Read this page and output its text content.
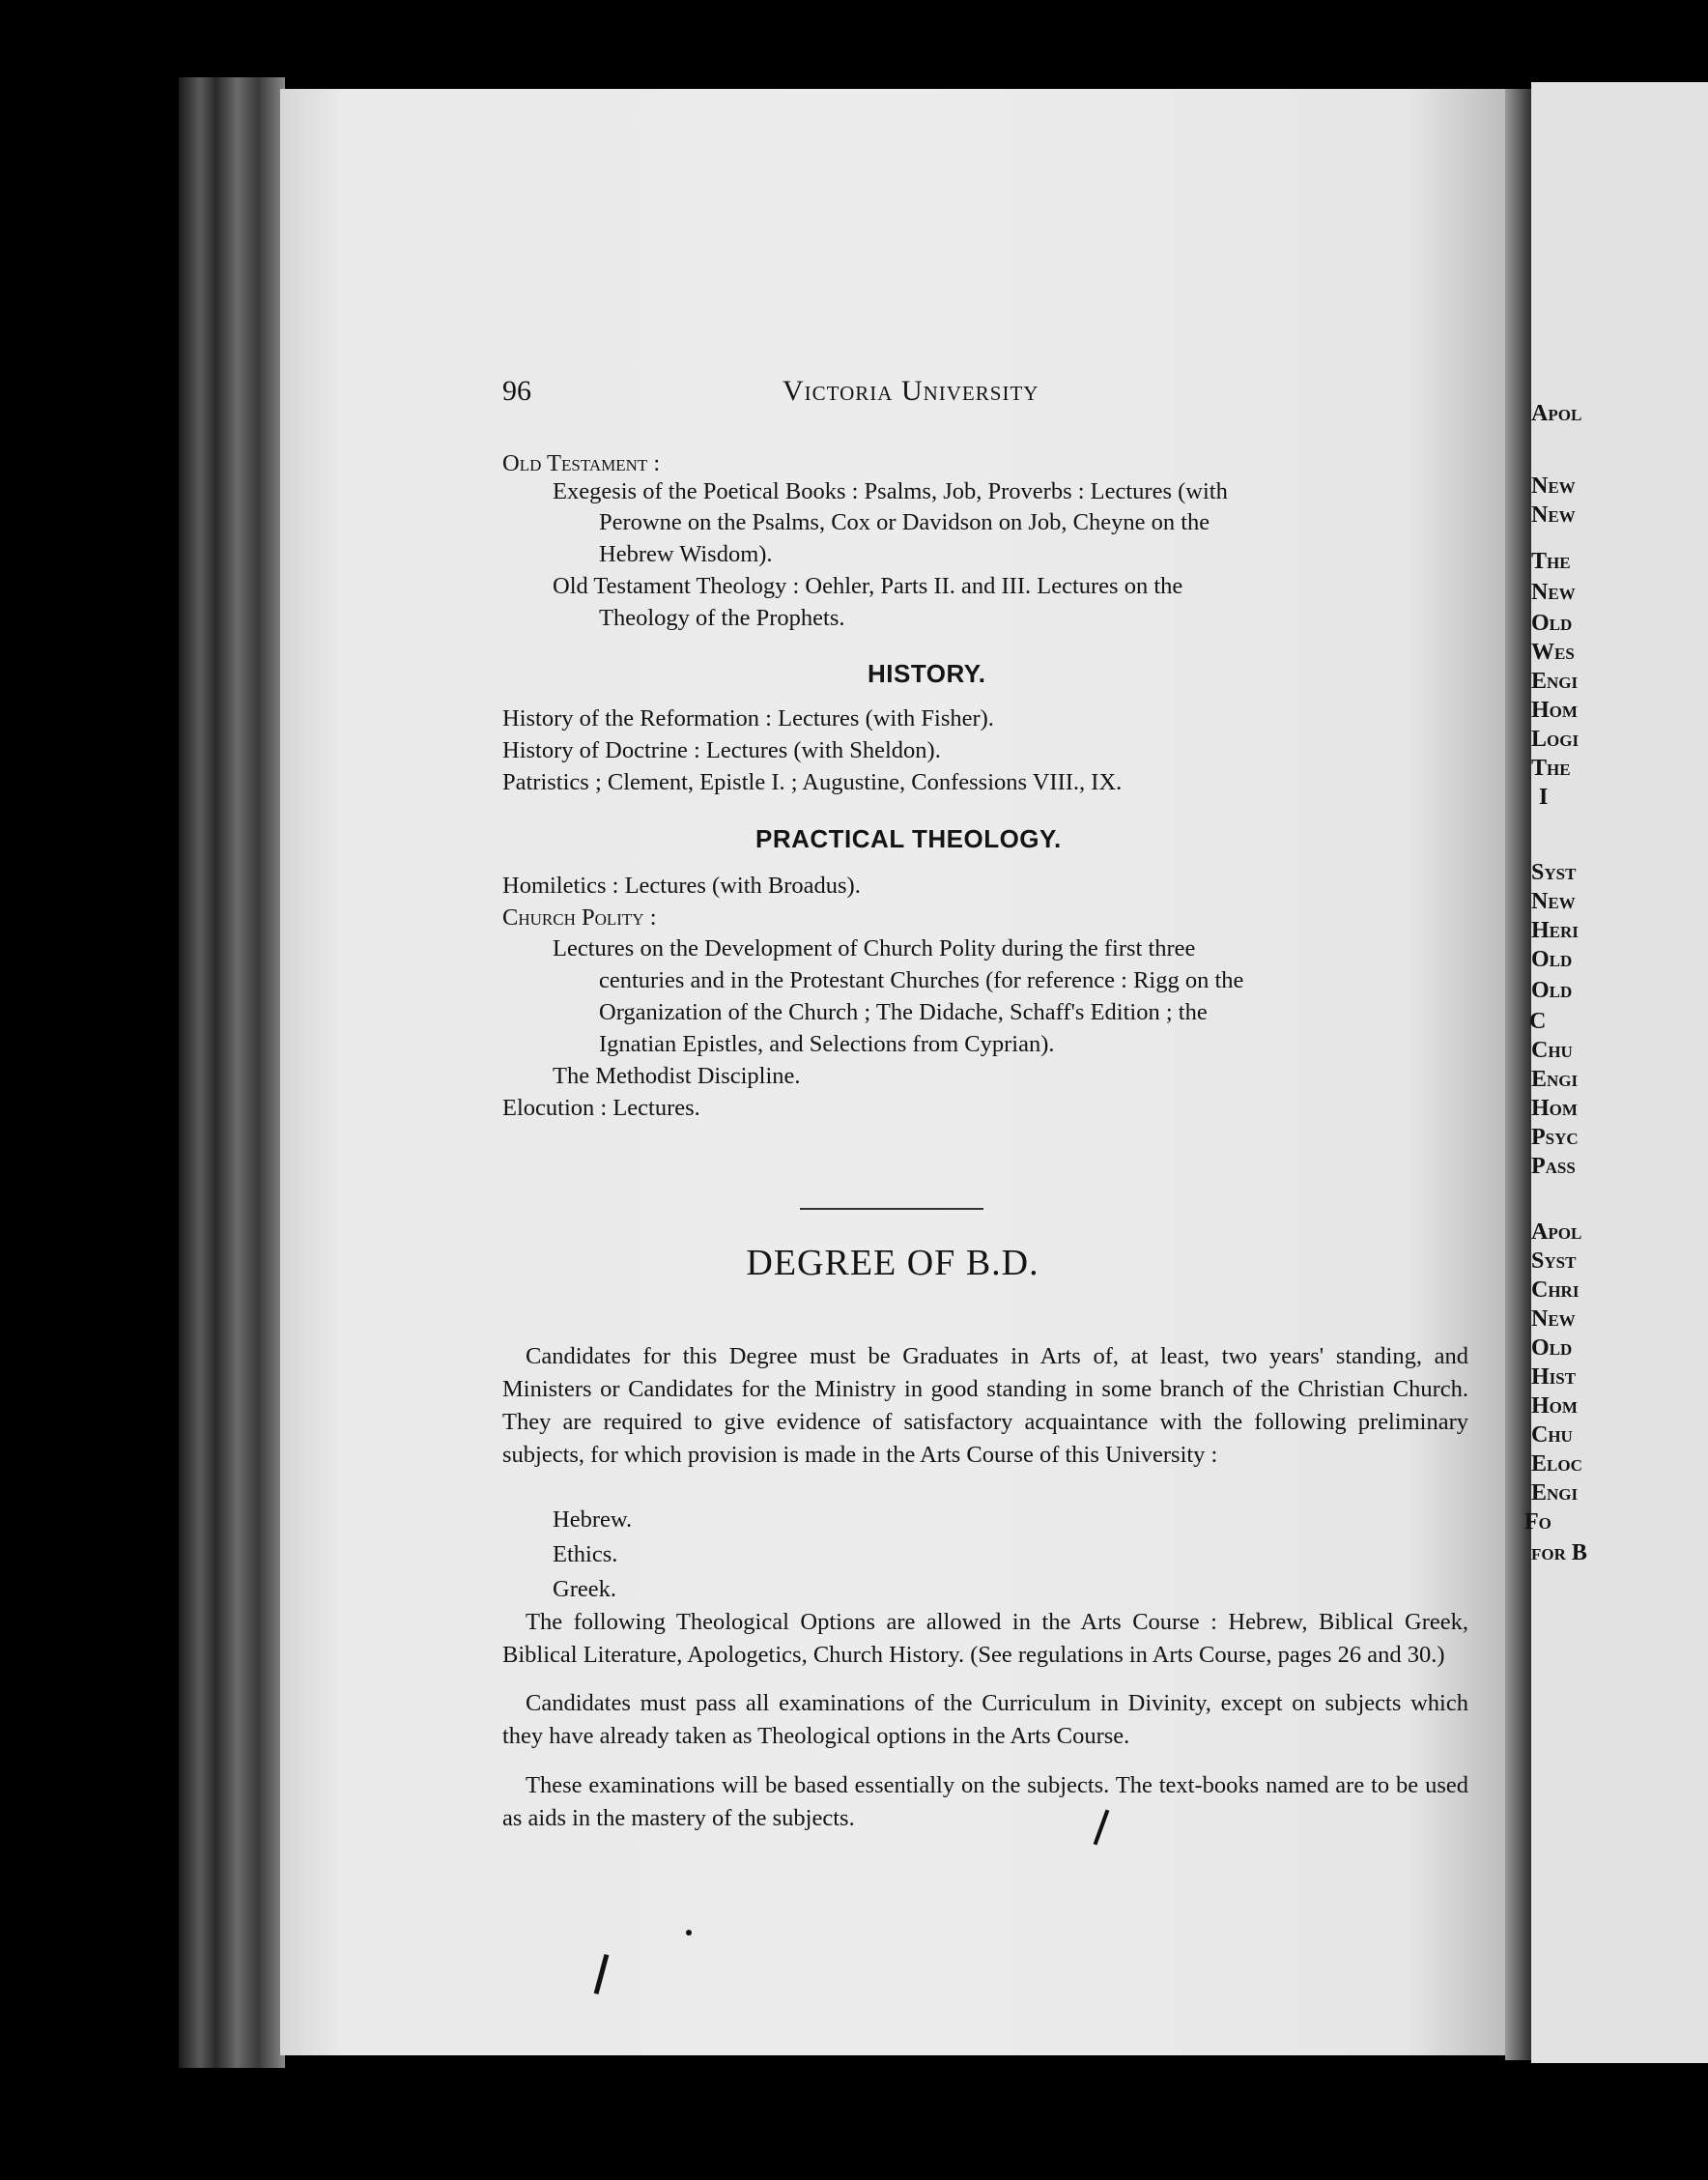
96	Victoria University
Old Testament :
Exegesis of the Poetical Books : Psalms, Job, Proverbs : Lectures (with
Perowne on the Psalms, Cox or Davidson on Job, Cheyne on the
Hebrew Wisdom).
Old Testament Theology : Oehler, Parts II. and III. Lectures on the
Theology of the Prophets.
HISTORY.
History of the Reformation : Lectures (with Fisher).
History of Doctrine : Lectures (with Sheldon).
Patristics ; Clement, Epistle I. ; Augustine, Confessions VIII., IX.
PRACTICAL THEOLOGY.
Homiletics : Lectures (with Broadus).
Church Polity :
Lectures on the Development of Church Polity during the first three
centuries and in the Protestant Churches (for reference : Rigg on the
Organization of the Church ; The Didache, Schaff's Edition ; the
Ignatian Epistles, and Selections from Cyprian).
The Methodist Discipline.
Elocution : Lectures.
DEGREE OF B.D.
Candidates for this Degree must be Graduates in Arts of, at least, two years' standing, and Ministers or Candidates for the Ministry in good standing in some branch of the Christian Church. They are required to give evidence of satisfactory acquaintance with the following preliminary subjects, for which provision is made in the Arts Course of this University :
Hebrew.
Ethics.
Greek.
The following Theological Options are allowed in the Arts Course : Hebrew, Biblical Greek, Biblical Literature, Apologetics, Church History. (See regulations in Arts Course, pages 26 and 30.)
Candidates must pass all examinations of the Curriculum in Divinity, except on subjects which they have already taken as Theological options in the Arts Course.
These examinations will be based essentially on the subjects. The text-books named are to be used as aids in the mastery of the subjects.
Apol
New
New
The
New
Old
Wes
Engi
Hom
Logi
The
I
Syst
New
Heri
Old
Old
C
Chu
Engi
Hom
Psyc
Pass
Apol
Syst
Chri
New
Old
Hist
Hom
Chu
Eloc
Engi
Fo
for B
